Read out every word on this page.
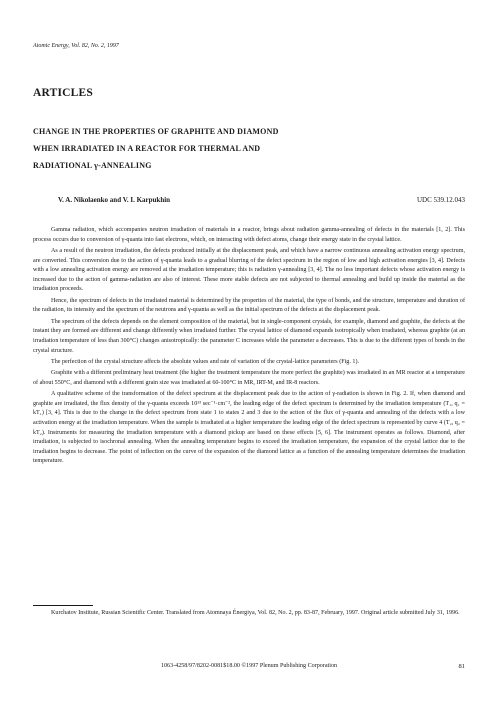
Atomic Energy, Vol. 82, No. 2, 1997
ARTICLES
CHANGE IN THE PROPERTIES OF GRAPHITE AND DIAMOND
WHEN IRRADIATED IN A REACTOR FOR THERMAL AND
RADIATIONAL γ-ANNEALING
V. A. Nikolaenko and V. I. Karpukhin	UDC 539.12.043

Gamma radiation, which accompanies neutron irradiation of materials in a reactor, brings about radiation gamma-annealing of defects in the materials [1, 2]. This process occurs due to conversion of γ-quanta into fast electrons, which, on interacting with defect atoms, change their energy state in the crystal lattice.

As a result of the neutron irradiation, the defects produced initially at the displacement peak, and which have a narrow continuous annealing activation energy spectrum, are converted. This conversion due to the action of γ-quanta leads to a gradual blurring of the defect spectrum in the region of low and high activation energies [3, 4]. Defects with a low annealing activation energy are removed at the irradiation temperature; this is radiation γ-annealing [3, 4]. The no less important defects whose activation energy is increased due to the action of gamma-radiation are also of interest. These more stable defects are not subjected to thermal annealing and build up inside the material as the irradiation proceeds.

Hence, the spectrum of defects in the irradiated material is determined by the properties of the material, the type of bonds, and the structure, temperature and duration of the radiation, its intensity and the spectrum of the neutrons and γ-quanta as well as the initial spectrum of the defects at the displacement peak.

The spectrum of the defects depends on the element composition of the material, but in single-component crystals, for example, diamond and graphite, the defects at the instant they are formed are different and change differently when irradiated further. The crystal lattice of diamond expands isotropically when irradiated, whereas graphite (at an irradiation temperature of less than 300°C) changes anisotropically: the parameter C increases while the parameter a decreases. This is due to the different types of bonds in the crystal structure.

The perfection of the crystal structure affects the absolute values and rate of variation of the crystal-lattice parameters (Fig. 1).

Graphite with a different preliminary heat treatment (the higher the treatment temperature the more perfect the graphite) was irradiated in an MR reactor at a temperature of about 550°C, and diamond with a different grain size was irradiated at 60-100°C in MR, IRT-M, and IR-8 reactors.

A qualitative scheme of the transformation of the defect spectrum at the displacement peak due to the action of γ-radiation is shown in Fig. 2. If, when diamond and graphite are irradiated, the flux density of the γ-quanta exceeds 10¹³ sec⁻¹·cm⁻², the leading edge of the defect spectrum is determined by the irradiation temperature (T₁, q₁ = kT₁) [3, 4]. This is due to the change in the defect spectrum from state 1 to states 2 and 3 due to the action of the flux of γ-quanta and annealing of the defects with a low activation energy at the irradiation temperature. When the sample is irradiated at a higher temperature the leading edge of the defect spectrum is represented by curve 4 (T₂, q₂ = kT₂). Instruments for measuring the irradiation temperature with a diamond pickup are based on these effects [5, 6]. The instrument operates as follows. Diamond, after irradiation, is subjected to isochronal annealing. When the annealing temperature begins to exceed the irradiation temperature, the expansion of the crystal lattice due to the irradiation begins to decrease. The point of inflection on the curve of the expansion of the diamond lattice as a function of the annealing temperature determines the irradiation temperature.

Kurchatov Institute, Russian Scientific Center. Translated from Atomnaya Énergiya, Vol. 82, No. 2, pp. 83-87, February, 1997. Original article submitted July 31, 1996.

1063-4258/97/8202-0081$18.00 ©1997 Plenum Publishing Corporation	81
